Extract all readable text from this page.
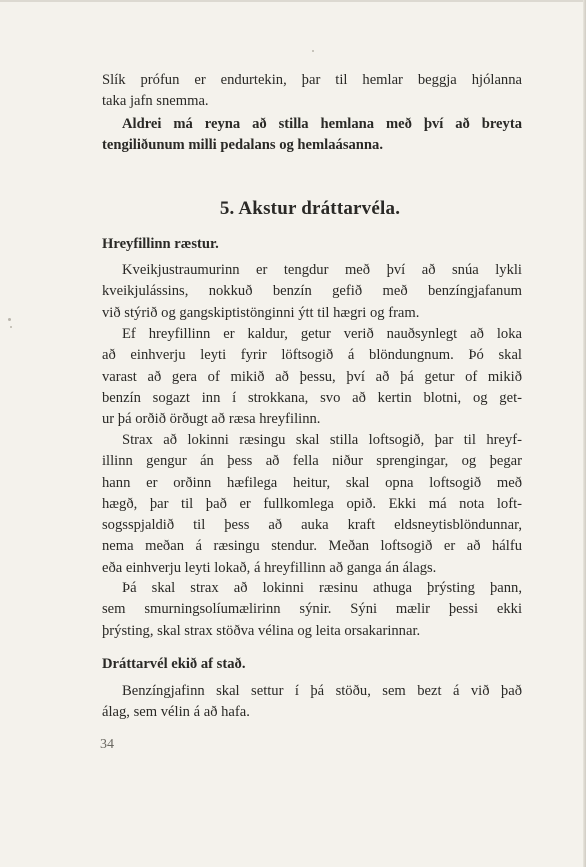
Slík prófun er endurtekin, þar til hemlar beggja hjólanna
taka jafn snemma.
Aldrei má reyna að stilla hemlana með því að breyta
tengiliðunum milli pedalans og hemlaásanna.
5. Akstur dráttarvéla.
Hreyfillinn ræstur.
Kveikjustraumurinn er tengdur með því að snúa lykli
kveikjulássins, nokkuð benzín gefið með benzíngjafanum
við stýrið og gangskiptistönginni ýtt til hægri og fram.
Ef hreyfillinn er kaldur, getur verið nauðsynlegt að loka
að einhverju leyti fyrir löftsogið á blöndungnum. Þó skal
varast að gera of mikið að þessu, því að þá getur of mikið
benzín sogazt inn í strokkana, svo að kertin blotni, og get-
ur þá orðið örðugt að ræsa hreyfilinn.
Strax að lokinni ræsingu skal stilla loftsogið, þar til hreyf-
illinn gengur án þess að fella niður sprengingar, og þegar
hann er orðinn hæfilega heitur, skal opna loftsogið með
hægð, þar til það er fullkomlega opið. Ekki má nota loft-
sogsspjaldið til þess að auka kraft eldsneytisblöndunnar,
nema meðan á ræsingu stendur. Meðan loftsogið er að hálfu
eða einhverju leyti lokað, á hreyfillinn að ganga án álags.
Þá skal strax að lokinni ræsinu athuga þrýsting þann,
sem smurningsolíumælirinn sýnir. Sýni mælir þessi ekki
þrýsting, skal strax stöðva vélina og leita orsakarinnar.
Dráttarvél ekið af stað.
Benzíngjafinn skal settur í þá stöðu, sem bezt á við það
álag, sem vélin á að hafa.
34
